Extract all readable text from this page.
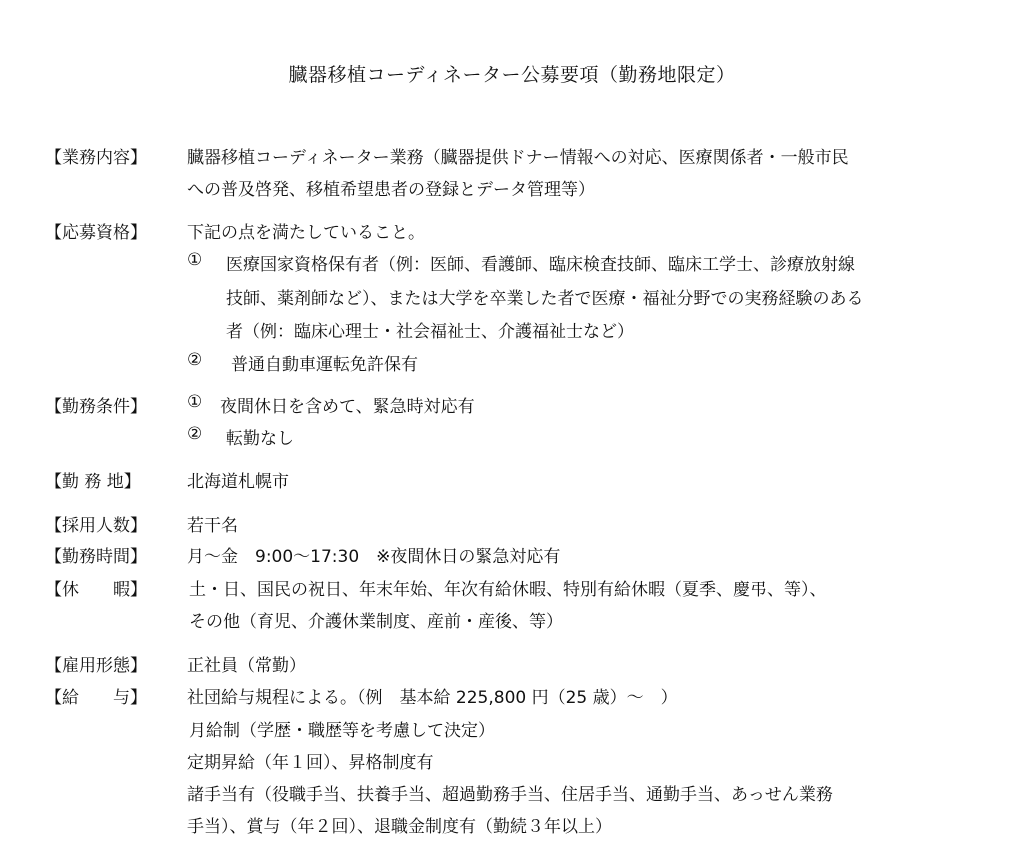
臓器移植コーディネーター公募要項（勤務地限定）
【業務内容】	臓器移植コーディネーター業務（臓器提供ドナー情報への対応、医療関係者・一般市民
への普及啓発、移植希望患者の登録とデータ管理等）
【応募資格】	下記の点を満たしていること。
① 医療国家資格保有者（例：医師、看護師、臨床検査技師、臨床工学士、診療放射線
技師、薬剤師など）、または大学を卒業した者で医療・福祉分野での実務経験のある
者（例：臨床心理士・社会福祉士、介護福祉士など）
② 普通自動車運転免許保有
【勤務条件】	① 夜間休日を含めて、緊急時対応有
② 転勤なし
【勤 務 地】	北海道札幌市
【採用人数】	若干名
【勤務時間】	月～金　9:00～17:30　※夜間休日の緊急対応有
【休　　暇】	土・日、国民の祝日、年末年始、年次有給休暇、特別有給休暇（夏季、慶弔、等）、
その他（育児、介護休業制度、産前・産後、等）
【雇用形態】	正社員（常勤）
【給　　与】	社団給与規程による。（例　基本給 225,800 円（25 歳）～　）
月給制（学歴・職歴等を考慮して決定）
定期昇給（年１回）、昇格制度有
諸手当有（役職手当、扶養手当、超過勤務手当、住居手当、通勤手当、あっせん業務
手当）、賞与（年２回）、退職金制度有（勤続３年以上）
